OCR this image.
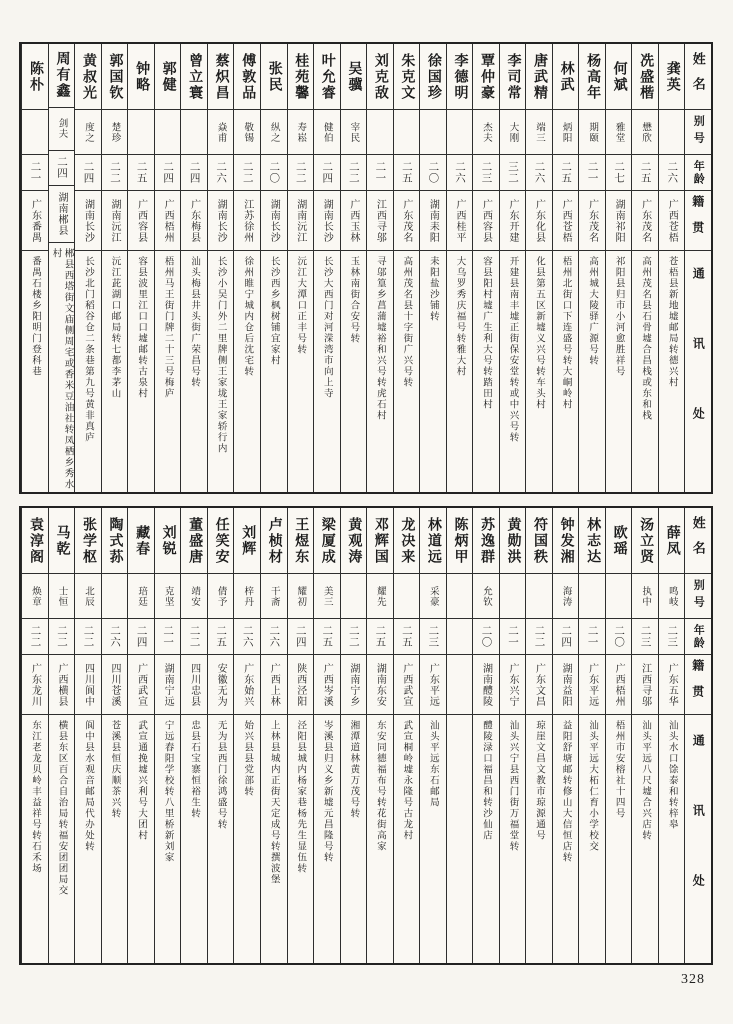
姓名
别号
年龄
籍贯
通讯处
龚英
二六
广西苍梧
苍梧县新地墟邮局转德兴村
冼盛楷
懋欣
二五
广东茂名
高州茂名县石骨墟合昌栈或东和栈
何斌
雅堂
二七
湖南祁阳
祁阳县归市小河愈胜祥号
杨高年
期颐
二一
广东茂名
高州城大陵驿广源号转
林武
炳阳
二五
广西苍梧
梧州北街口下连盛号转大峒岭村
唐武精
端三
二六
广东化县
化县第五区新墟义兴号转车头村
李司常
大刚
三二
广东开建
开建县南丰墟正街保安堂转或中兴号转
覃仲豪
杰夫
二三
广西容县
容县阳村墟广生利大号转踏田村
李德明
二六
广西桂平
大乌罗秀庆福号转雅大村
徐国珍
二〇
湖南耒阳
耒阳盐沙铺转
朱克文
二五
广东茂名
高州茂名县十字街广兴号转
刘克敌
二一
江西寻邬
寻邬篁乡菖蒲墟裕和兴号转虎石村
吴骥
宰民
二二
广西玉林
玉林南街合安号转
叶允睿
健伯
二四
湖南长沙
长沙大西门对河溁湾市向上寺
桂苑馨
寿崧
二二
湖南沅江
沅江大潭口正丰号转
张民
纵之
二〇
湖南长沙
长沙西乡枫树铺宜家村
傅敦品
敬锡
二二
江苏徐州
徐州睢宁城内仓后沈宅转
蔡炽昌
焱甫
二六
湖南长沙
长沙小吴门外二里牌侧王家垅王家轿行内
曾立寰
二四
广东梅县
汕头梅县井头街广荣昌号转
郭健
二四
广西梧州
梧州马王街门牌二十三号梅庐
钟略
二五
广西容县
容县波里江口口墟邮转古泉村
郭国钦
楚珍
二二
湖南沅江
沅江茈湖口邮局转七都李茅山
黄叔光
度之
二四
湖南长沙
长沙北门稻谷仓二条巷第九号黄非真庐
周有鑫
剑夫
二四
湖南郴县
郴县西塔街文庙侧周宅或香米豆油社转凤栖乡秀水村
陈朴
二一
广东番禺
番禺石楼乡阳明门登科巷
姓名
别号
年龄
籍贯
通讯处
薛凤
鸣岐
二三
广东五华
汕头水口馀泰和转梓皋
汤立贤
执中
二三
江西寻邬
汕头平远八尺墟合兴店转
欧瑶
二〇
广西梧州
梧州市安榕社十四号
林志达
二一
广东平远
汕头平远大柘仁育小学校交
钟发湘
海涛
二四
湖南益阳
益阳舒塘邮转修山大信恒店转
符国秩
二二
广东文昌
琼崖文昌文教市琼源通号
黄勋洪
二一
广东兴宁
汕头兴宁县西门街万福堂转
苏逸群
允钦
二〇
湖南醴陵
醴陵渌口福昌和转沙仙店
陈炳甲
林道远
采豪
二三
广东平远
汕头平远东石邮局
龙决来
二五
广西武宣
武宣桐岭墟永隆号古龙村
邓辉国
耀先
二五
湖南东安
东安同德福布号转花街高家
黄观涛
二二
湖南宁乡
湘潭道林黄万茂号转
梁厦成
美三
二五
广西岑溪
岑溪县归义乡新墟元昌隆号转
王煜东
耀初
二四
陕西泾阳
泾阳县城内杨家巷杨先生显伍转
卢桢材
干斋
二六
广西上林
上林县城内正街天定成号转撰波堡
刘辉
梓丹
二六
广东始兴
始兴县县党部转
任笑安
倩予
二五
安徽无为
无为县西门徐鸿盛号转
董盛唐
靖安
二二
四川忠县
忠县石宝寨恒裕生转
刘锐
克坚
二一
湖南宁远
宁远舂阳学校转八里桥新刘家
藏春
琣廷
二四
广西武宣
武宣通挽墟兴利号大团村
陶式荪
二六
四川苍溪
苍溪县恒庆顺茶兴转
张学枢
北辰
二二
四川阆中
阆中县水观音邮局代办处转
马乾
士恒
二二
广西横县
横县东区百合自治局转福安团团局交
袁淳阁
焕章
二二
广东龙川
东江老龙贝岭丰益祥号转石禾场
328
